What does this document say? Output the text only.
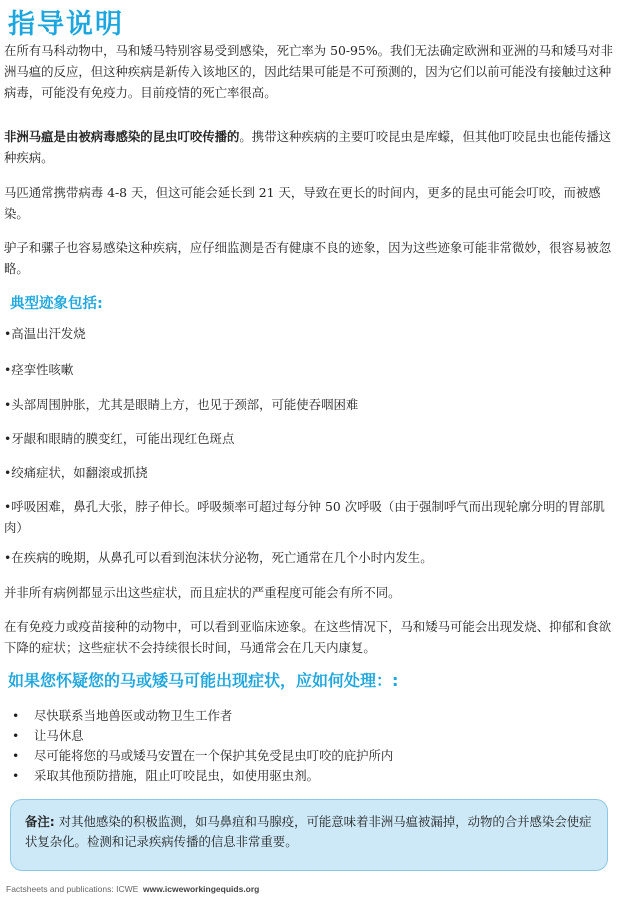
指导说明
在所有马科动物中，马和矮马特别容易受到感染，死亡率为 50-95%。我们无法确定欧洲和亚洲的马和矮马对非洲马瘟的反应，但这种疾病是新传入该地区的，因此结果可能是不可预测的，因为它们以前可能没有接触过这种病毒，可能没有免疫力。目前疫情的死亡率很高。
非洲马瘟是由被病毒感染的昆虫叮咬传播的。携带这种疾病的主要叮咬昆虫是库蠓，但其他叮咬昆虫也能传播这种疾病。
马匹通常携带病毒 4-8 天，但这可能会延长到 21 天，导致在更长的时间内，更多的昆虫可能会叮咬，而被感染。
驴子和骡子也容易感染这种疾病，应仔细监测是否有健康不良的迹象，因为这些迹象可能非常微妙，很容易被忽略。
典型迹象包括:
•高温出汗发烧
•痉挛性咳嗽
•头部周围肿胀，尤其是眼睛上方，也见于颈部，可能使吞咽困难
•牙龈和眼睛的膜变红，可能出现红色斑点
•绞痛症状，如翻滚或抓挠
•呼吸困难，鼻孔大张，脖子伸长。呼吸频率可超过每分钟 50 次呼吸（由于强制呼气而出现轮廓分明的胃部肌肉）
•在疾病的晚期，从鼻孔可以看到泡沫状分泌物，死亡通常在几个小时内发生。
并非所有病例都显示出这些症状，而且症状的严重程度可能会有所不同。
在有免疫力或疫苗接种的动物中，可以看到亚临床迹象。在这些情况下，马和矮马可能会出现发烧、抑郁和食欲下降的症状；这些症状不会持续很长时间，马通常会在几天内康复。
如果您怀疑您的马或矮马可能出现症状，应如何处理：:
• 尽快联系当地兽医或动物卫生工作者
• 让马休息
• 尽可能将您的马或矮马安置在一个保护其免受昆虫叮咬的庇护所内
• 采取其他预防措施，阻止叮咬昆虫，如使用驱虫剂。
备注: 对其他感染的积极监测，如马鼻疽和马腺疫，可能意味着非洲马瘟被漏掉，动物的合并感染会使症状复杂化。检测和记录疾病传播的信息非常重要。
Factsheets and publications: ICWE www.icweworkingequids.org
